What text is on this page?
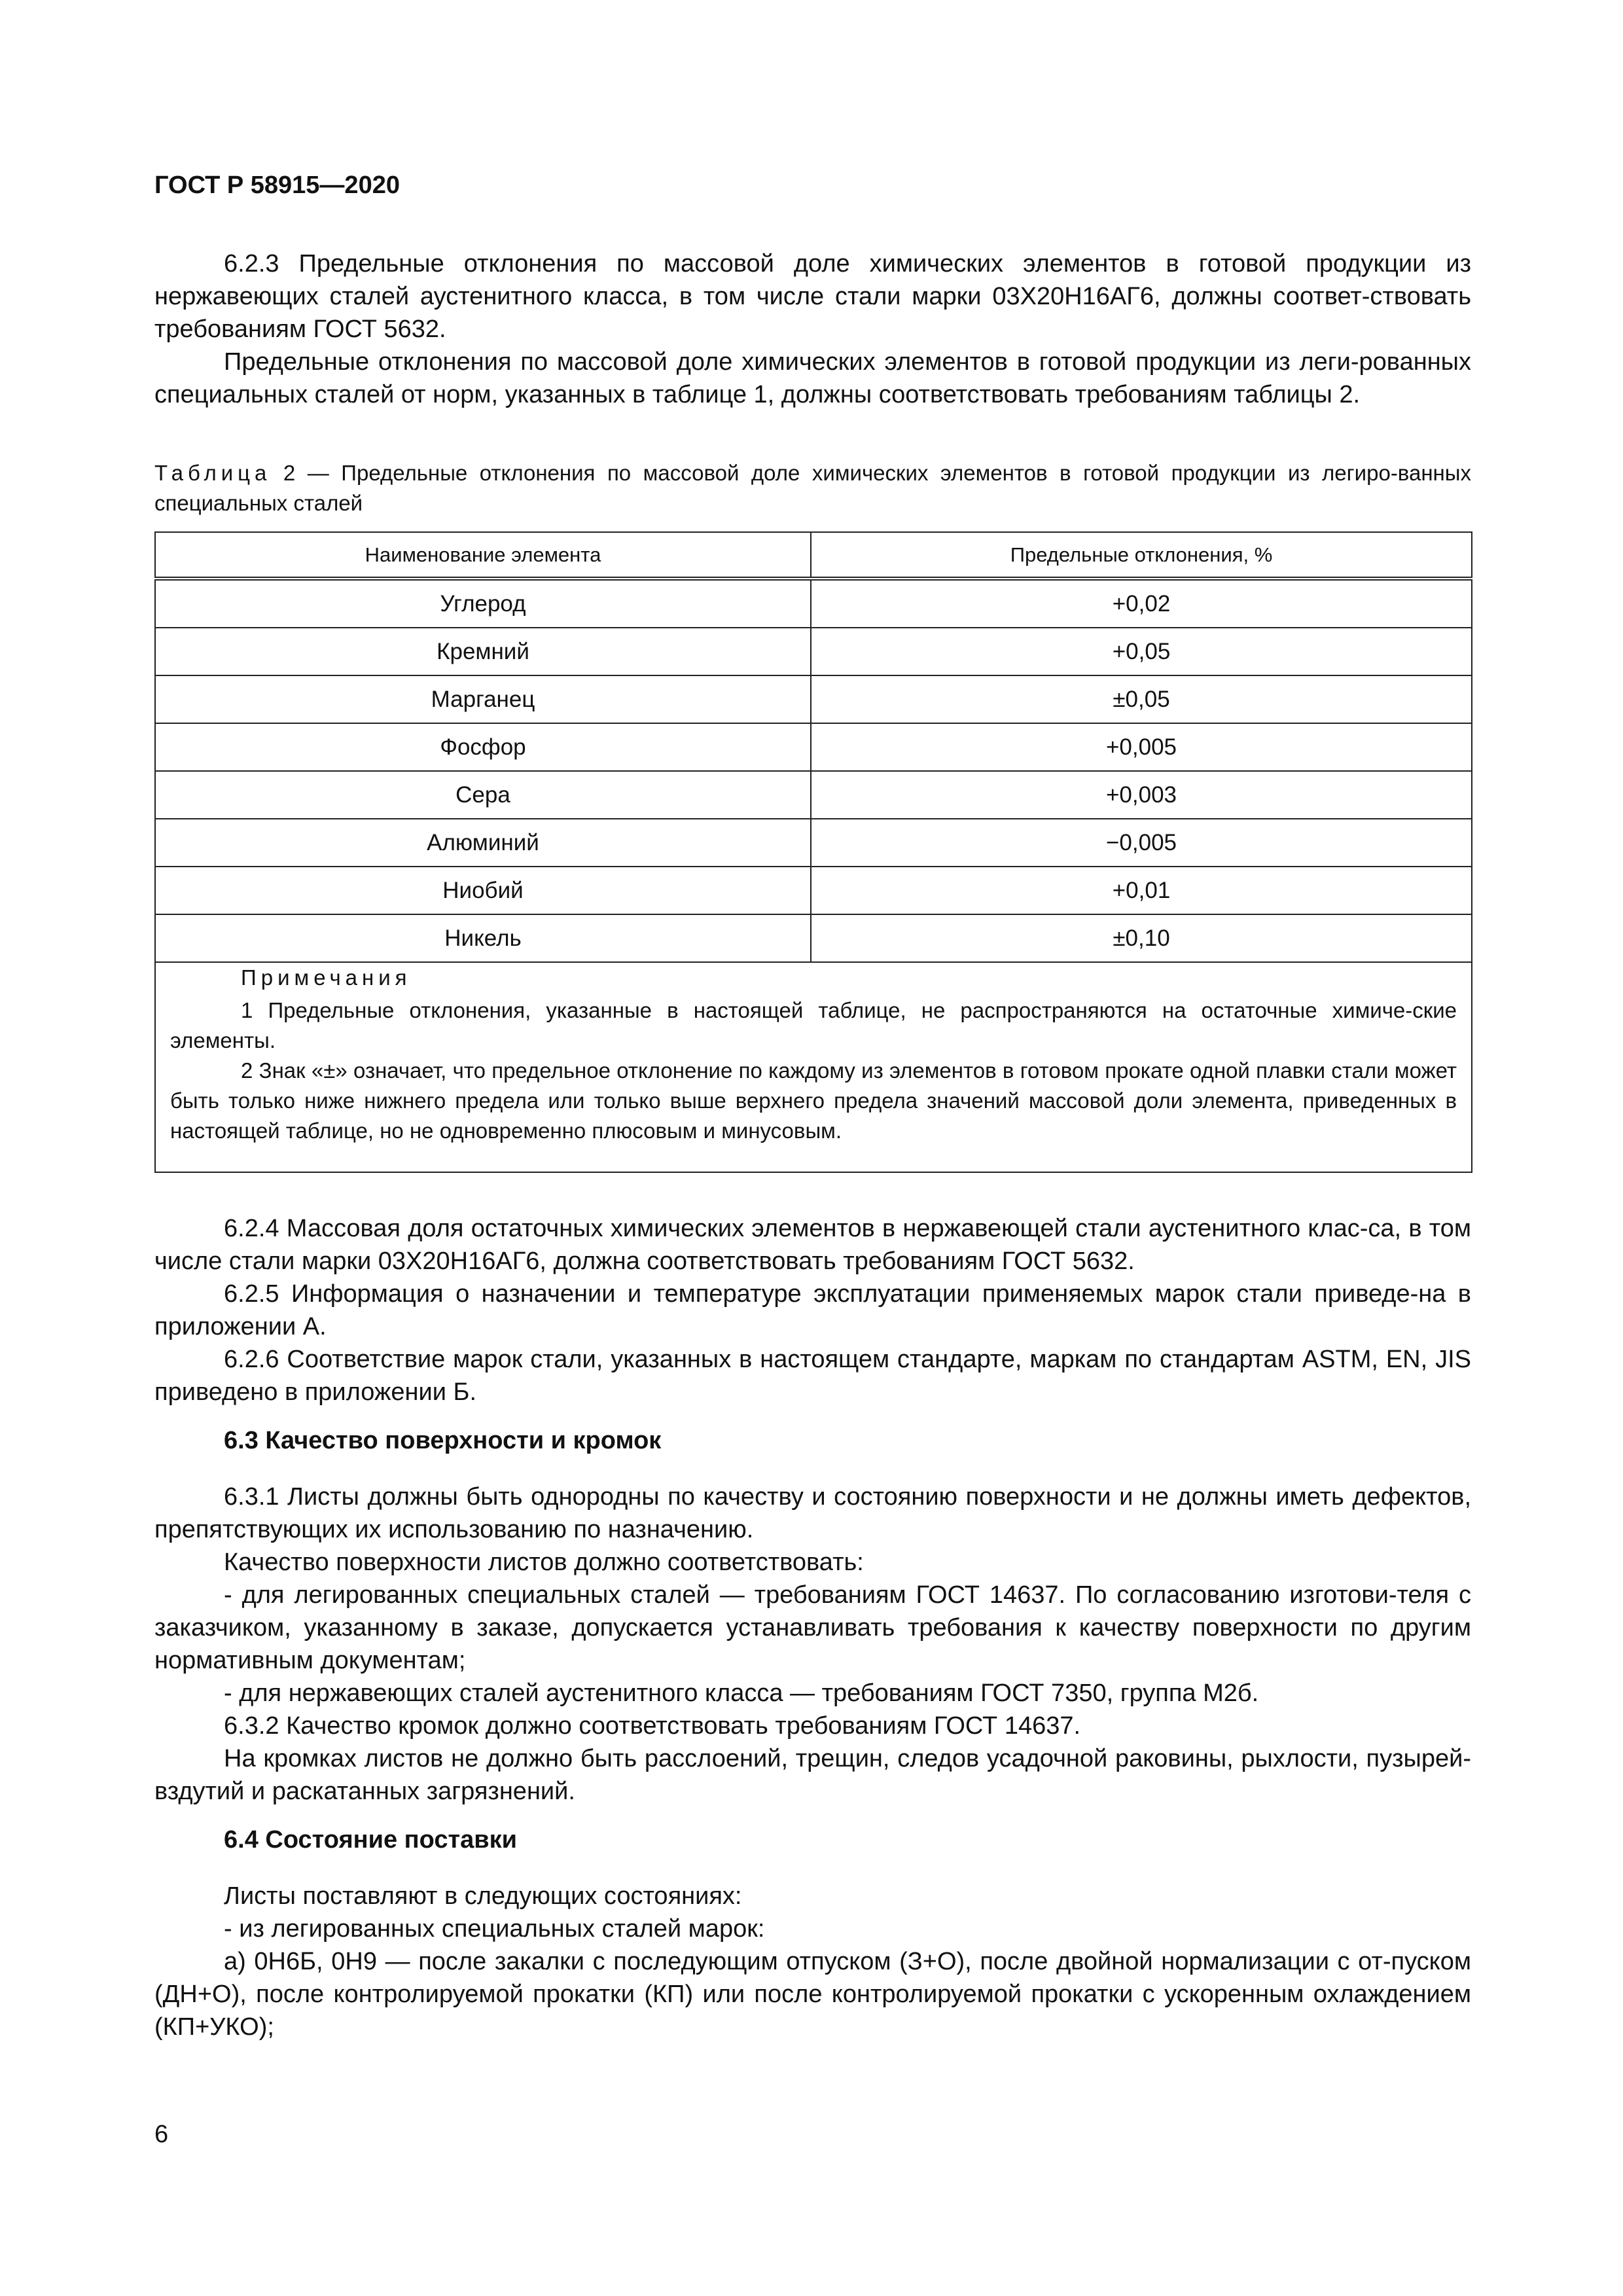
ГОСТ Р 58915—2020

6.2.3 Предельные отклонения по массовой доле химических элементов в готовой продукции из нержавеющих сталей аустенитного класса, в том числе стали марки 03Х20Н16АГ6, должны соответ-ствовать требованиям ГОСТ 5632.

Предельные отклонения по массовой доле химических элементов в готовой продукции из леги-рованных специальных сталей от норм, указанных в таблице 1, должны соответствовать требованиям таблицы 2.

Таблица 2 — Предельные отклонения по массовой доле химических элементов в готовой продукции из легиро-ванных специальных сталей

Наименование элемента	Предельные отклонения, %
Углерод	+0,02
Кремний	+0,05
Марганец	±0,05
Фосфор	+0,005
Сера	+0,003
Алюминий	−0,005
Ниобий	+0,01
Никель	±0,10

Примечания

1 Предельные отклонения, указанные в настоящей таблице, не распространяются на остаточные химиче-ские элементы.

2 Знак «±» означает, что предельное отклонение по каждому из элементов в готовом прокате одной плавки стали может быть только ниже нижнего предела или только выше верхнего предела значений массовой доли элемента, приведенных в настоящей таблице, но не одновременно плюсовым и минусовым.	

6.2.4 Массовая доля остаточных химических элементов в нержавеющей стали аустенитного клас-са, в том числе стали марки 03Х20Н16АГ6, должна соответствовать требованиям ГОСТ 5632.

6.2.5 Информация о назначении и температуре эксплуатации применяемых марок стали приведе-на в приложении А.

6.2.6 Соответствие марок стали, указанных в настоящем стандарте, маркам по стандартам ASTM, EN, JIS приведено в приложении Б.

6.3 Качество поверхности и кромок

6.3.1 Листы должны быть однородны по качеству и состоянию поверхности и не должны иметь дефектов, препятствующих их использованию по назначению.

Качество поверхности листов должно соответствовать:

- для легированных специальных сталей — требованиям ГОСТ 14637. По согласованию изготови-теля с заказчиком, указанному в заказе, допускается устанавливать требования к качеству поверхности по другим нормативным документам;

- для нержавеющих сталей аустенитного класса — требованиям ГОСТ 7350, группа М2б.

6.3.2 Качество кромок должно соответствовать требованиям ГОСТ 14637.

На кромках листов не должно быть расслоений, трещин, следов усадочной раковины, рыхлости, пузырей-вздутий и раскатанных загрязнений.

6.4 Состояние поставки

Листы поставляют в следующих состояниях:

- из легированных специальных сталей марок:

а) 0Н6Б, 0Н9 — после закалки с последующим отпуском (З+О), после двойной нормализации с от-пуском (ДН+О), после контролируемой прокатки (КП) или после контролируемой прокатки с ускоренным охлаждением (КП+УКО);

6
